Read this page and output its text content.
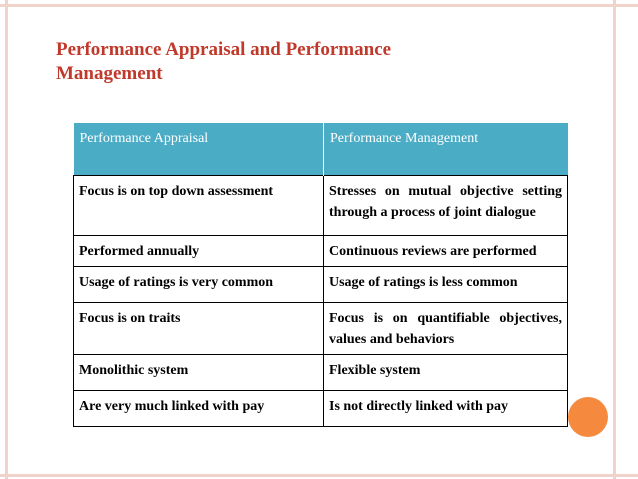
Performance Appraisal and Performance
Management
Performance Appraisal	Performance Management
Focus is on top down assessment	Stresses on mutual objective setting through a process of joint dialogue
Performed annually	Continuous reviews are performed
Usage of ratings is very common	Usage of ratings is less common
Focus is on traits	Focus is on quantifiable objectives, values and behaviors
Monolithic system	Flexible system
Are very much linked with pay	Is not directly linked with pay
